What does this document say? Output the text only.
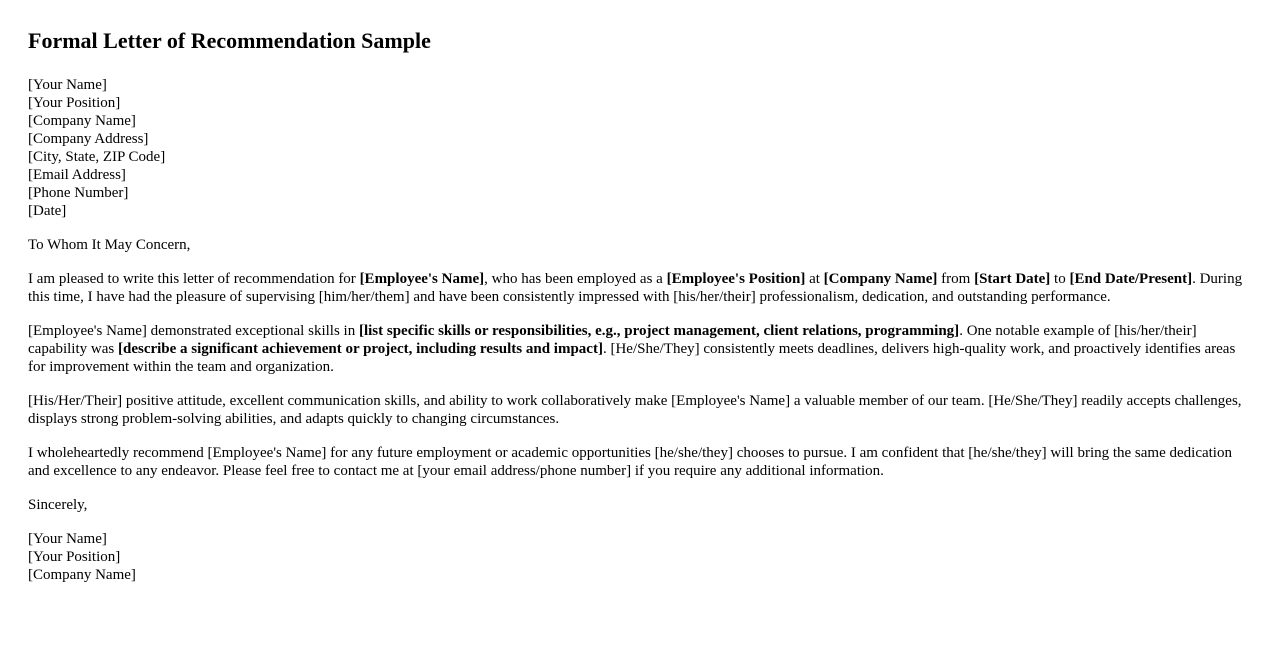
Formal Letter of Recommendation Sample
[Your Name]
[Your Position]
[Company Name]
[Company Address]
[City, State, ZIP Code]
[Email Address]
[Phone Number]
[Date]

To Whom It May Concern,

I am pleased to write this letter of recommendation for [Employee's Name], who has been employed as a [Employee's Position] at [Company Name] from [Start Date] to [End Date/Present]. During this time, I have had the pleasure of supervising [him/her/them] and have been consistently impressed with [his/her/their] professionalism, dedication, and outstanding performance.

[Employee's Name] demonstrated exceptional skills in [list specific skills or responsibilities, e.g., project management, client relations, programming]. One notable example of [his/her/their] capability was [describe a significant achievement or project, including results and impact]. [He/She/They] consistently meets deadlines, delivers high-quality work, and proactively identifies areas for improvement within the team and organization.

[His/Her/Their] positive attitude, excellent communication skills, and ability to work collaboratively make [Employee's Name] a valuable member of our team. [He/She/They] readily accepts challenges, displays strong problem-solving abilities, and adapts quickly to changing circumstances.

I wholeheartedly recommend [Employee's Name] for any future employment or academic opportunities [he/she/they] chooses to pursue. I am confident that [he/she/they] will bring the same dedication and excellence to any endeavor. Please feel free to contact me at [your email address/phone number] if you require any additional information.

Sincerely,

[Your Name]
[Your Position]
[Company Name]
